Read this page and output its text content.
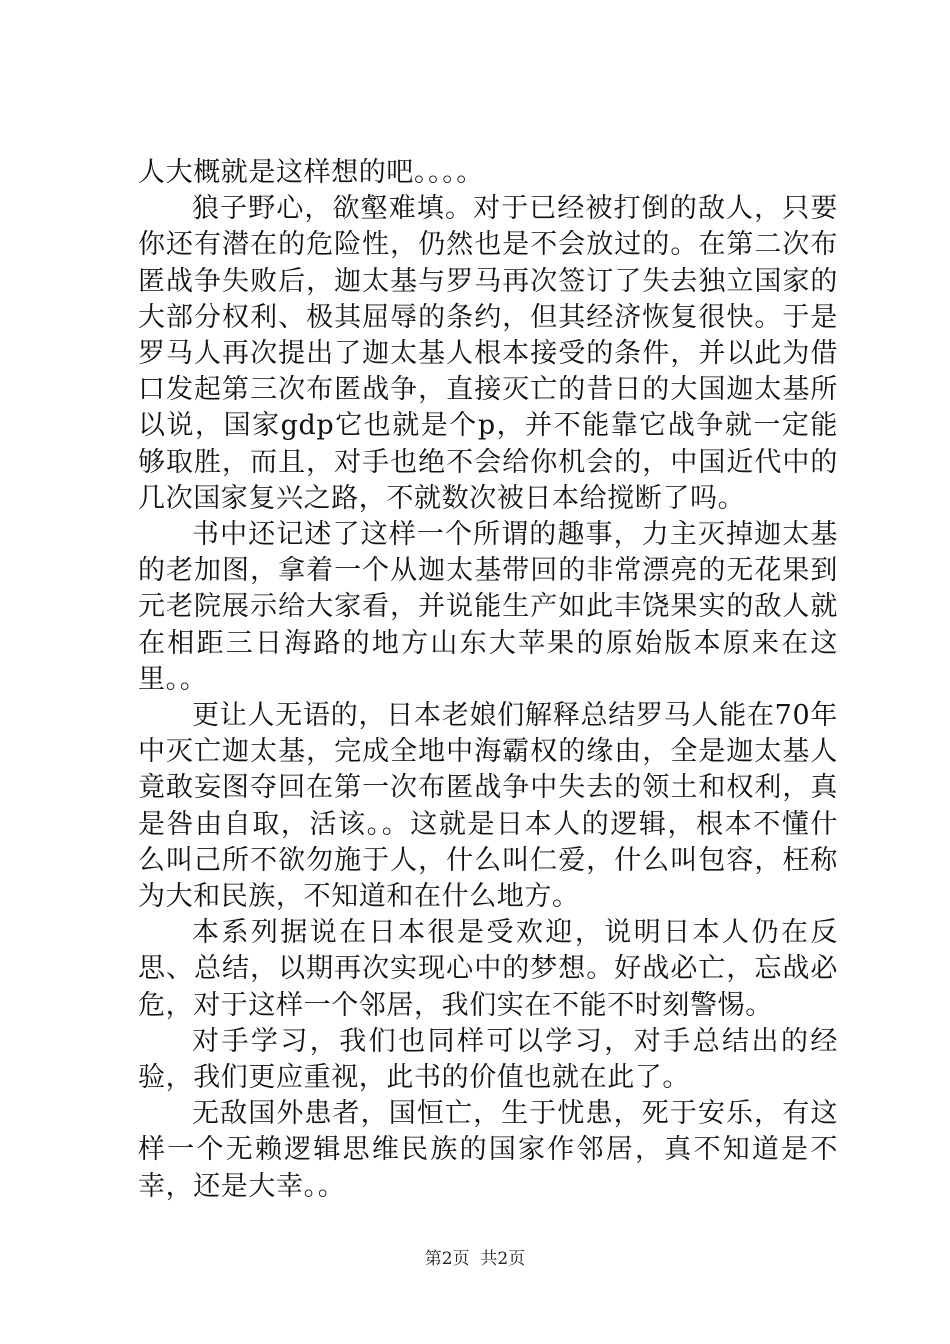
人大概就是这样想的吧。。。。

狼子野心，欲壑难填。对于已经被打倒的敌人，只要你还有潜在的危险性，仍然也是不会放过的。在第二次布匿战争失败后，迦太基与罗马再次签订了失去独立国家的大部分权利、极其屈辱的条约，但其经济恢复很快。于是罗马人再次提出了迦太基人根本接受的条件，并以此为借口发起第三次布匿战争，直接灭亡的昔日的大国迦太基所以说，国家gdp它也就是个p，并不能靠它战争就一定能够取胜，而且，对手也绝不会给你机会的，中国近代中的几次国家复兴之路，不就数次被日本给搅断了吗。

书中还记述了这样一个所谓的趣事，力主灭掉迦太基的老加图，拿着一个从迦太基带回的非常漂亮的无花果到元老院展示给大家看，并说能生产如此丰饶果实的敌人就在相距三日海路的地方山东大苹果的原始版本原来在这里。。

更让人无语的，日本老娘们解释总结罗马人能在70年中灭亡迦太基，完成全地中海霸权的缘由，全是迦太基人竟敢妄图夺回在第一次布匿战争中失去的领土和权利，真是咎由自取，活该。。这就是日本人的逻辑，根本不懂什么叫己所不欲勿施于人，什么叫仁爱，什么叫包容，枉称为大和民族，不知道和在什么地方。

本系列据说在日本很是受欢迎，说明日本人仍在反思、总结，以期再次实现心中的梦想。好战必亡，忘战必危，对于这样一个邻居，我们实在不能不时刻警惕。

对手学习，我们也同样可以学习，对手总结出的经验，我们更应重视，此书的价值也就在此了。

无敌国外患者，国恒亡，生于忧患，死于安乐，有这样一个无赖逻辑思维民族的国家作邻居，真不知道是不幸，还是大幸。。

第2页  共2页
